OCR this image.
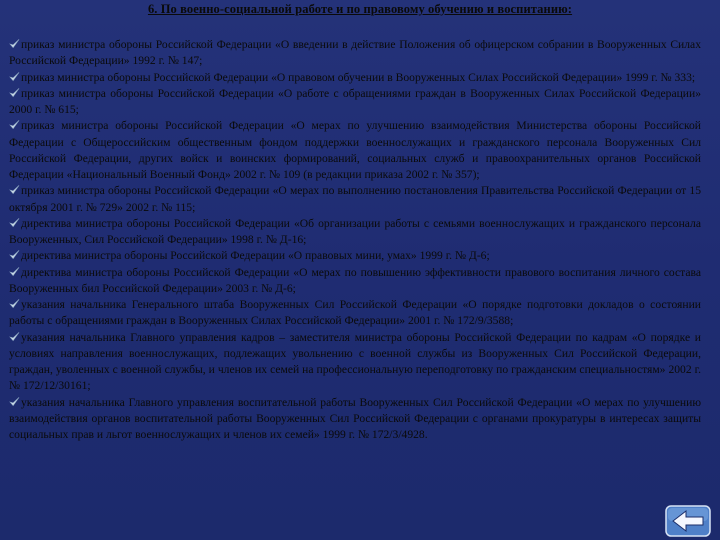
6. По военно-социальной работе и по правовому обучению и воспитанию:

приказ министра обороны Российской Федерации «О введении в действие Положения об офицерском собрании в Вооруженных Силах Российской Федерации» 1992 г. № 147;

приказ министра обороны Российской Федерации «О правовом обучении в Вооруженных Силах Российской Федерации» 1999 г. № 333;

приказ министра обороны Российской Федерации «О работе с обращениями граждан в Вооруженных Силах Российской Федерации» 2000 г. № 615;

приказ министра обороны Российской Федерации «О мерах по улучшению взаимодействия Министерства обороны Российской Федерации с Общероссийским общественным фондом поддержки военнослужащих и гражданского персонала Вооруженных Сил Российской Федерации, других войск и воинских формирований, социальных служб и правоохранительных органов Российской Федерации «Национальный Военный Фонд» 2002 г. № 109 (в редакции приказа 2002 г. № 357);

приказ министра обороны Российской Федерации «О мерах по выполнению постановления Правительства Российской Федерации от 15 октября 2001 г. № 729» 2002 г. № 115;

директива министра обороны Российской Федерации «Об организации работы с семьями военнослужащих и гражданского персонала Вооруженных, Сил Российской Федерации» 1998 г. № Д-16;

директива министра обороны Российской Федерации «О правовых мини, умах» 1999 г. № Д-6;

директива министра обороны Российской Федерации «О мерах по повышению эффективности правового воспитания личного состава Вооруженных бил Российской Федерации» 2003 г. № Д-6;

указания начальника Генерального штаба Вооруженных Сил Российской Федерации «О порядке подготовки докладов о состоянии работы с обращениями граждан в Вооруженных Силах Российской Федерации» 2001 г. № 172/9/3588;

указания начальника Главного управления кадров – заместителя министра обороны Российской Федерации по кадрам «О порядке и условиях направления военнослужащих, подлежащих увольнению с военной службы из Вооруженных Сил Российской Федерации, граждан, уволенных с военной службы, и членов их семей на профессиональную переподготовку по гражданским специальностям» 2002 г. № 172/12/30161;

указания начальника Главного управления воспитательной работы Вооруженных Сил Российской Федерации «О мерах по улучшению взаимодействия органов воспитательной работы Вооруженных Сил Российской Федерации с органами прокуратуры в интересах защиты социальных прав и льгот военнослужащих и членов их семей» 1999 г. № 172/3/4928.
